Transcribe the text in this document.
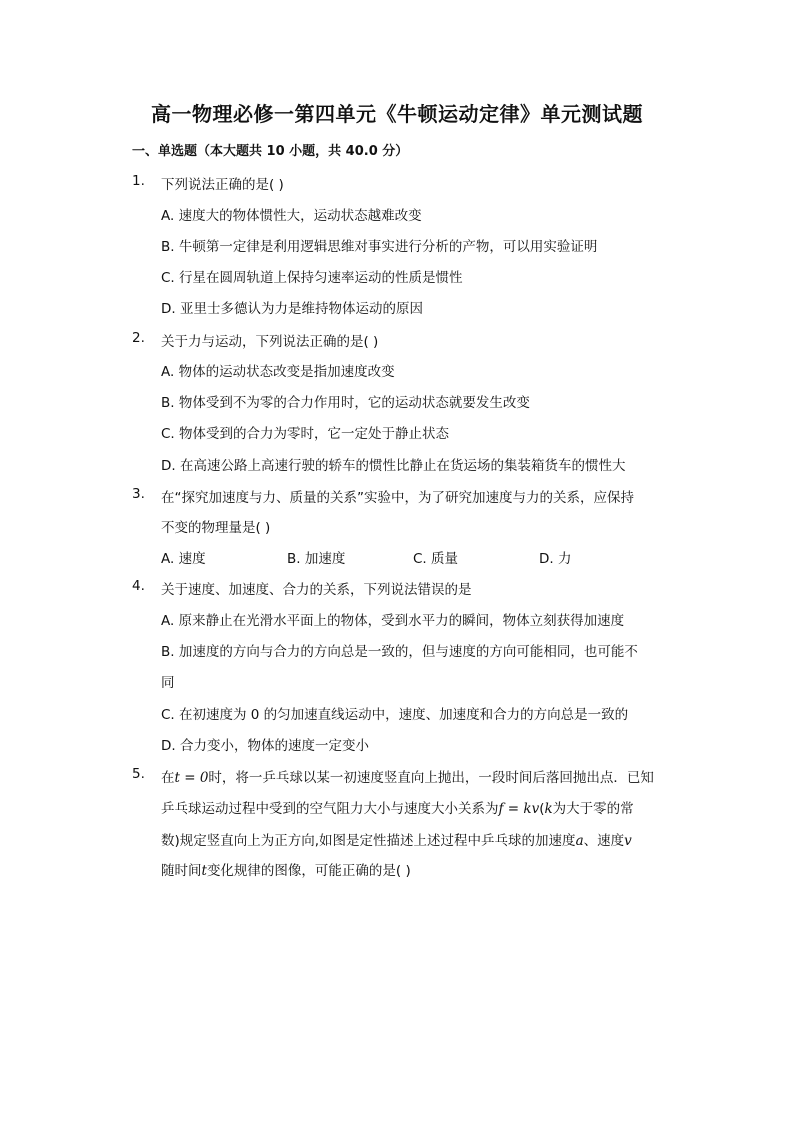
高一物理必修一第四单元《牛顿运动定律》单元测试题
一、单选题（本大题共 10 小题，共 40.0 分）
1. 下列说法正确的是( )
A. 速度大的物体惯性大，运动状态越难改变
B. 牛顿第一定律是利用逻辑思维对事实进行分析的产物，可以用实验证明
C. 行星在圆周轨道上保持匀速率运动的性质是惯性
D. 亚里士多德认为力是维持物体运动的原因
2. 关于力与运动，下列说法正确的是( )
A. 物体的运动状态改变是指加速度改变
B. 物体受到不为零的合力作用时，它的运动状态就要发生改变
C. 物体受到的合力为零时，它一定处于静止状态
D. 在高速公路上高速行驶的轿车的惯性比静止在货运场的集装箱货车的惯性大
3. 在“探究加速度与力、质量的关系”实验中，为了研究加速度与力的关系，应保持
不变的物理量是( )
A. 速度	B. 加速度	C. 质量	D. 力
4. 关于速度、加速度、合力的关系，下列说法错误的是
A. 原来静止在光滑水平面上的物体，受到水平力的瞬间，物体立刻获得加速度
B. 加速度的方向与合力的方向总是一致的，但与速度的方向可能相同，也可能不
同
C. 在初速度为 0 的匀加速直线运动中，速度、加速度和合力的方向总是一致的
D. 合力变小，物体的速度一定变小
5. 在t = 0时，将一乒乓球以某一初速度竖直向上抛出，一段时间后落回抛出点．已知
乒乓球运动过程中受到的空气阻力大小与速度大小关系为f = kv(k为大于零的常
数)规定竖直向上为正方向,如图是定性描述上述过程中乒乓球的加速度a、速度v
随时间t变化规律的图像，可能正确的是( )
